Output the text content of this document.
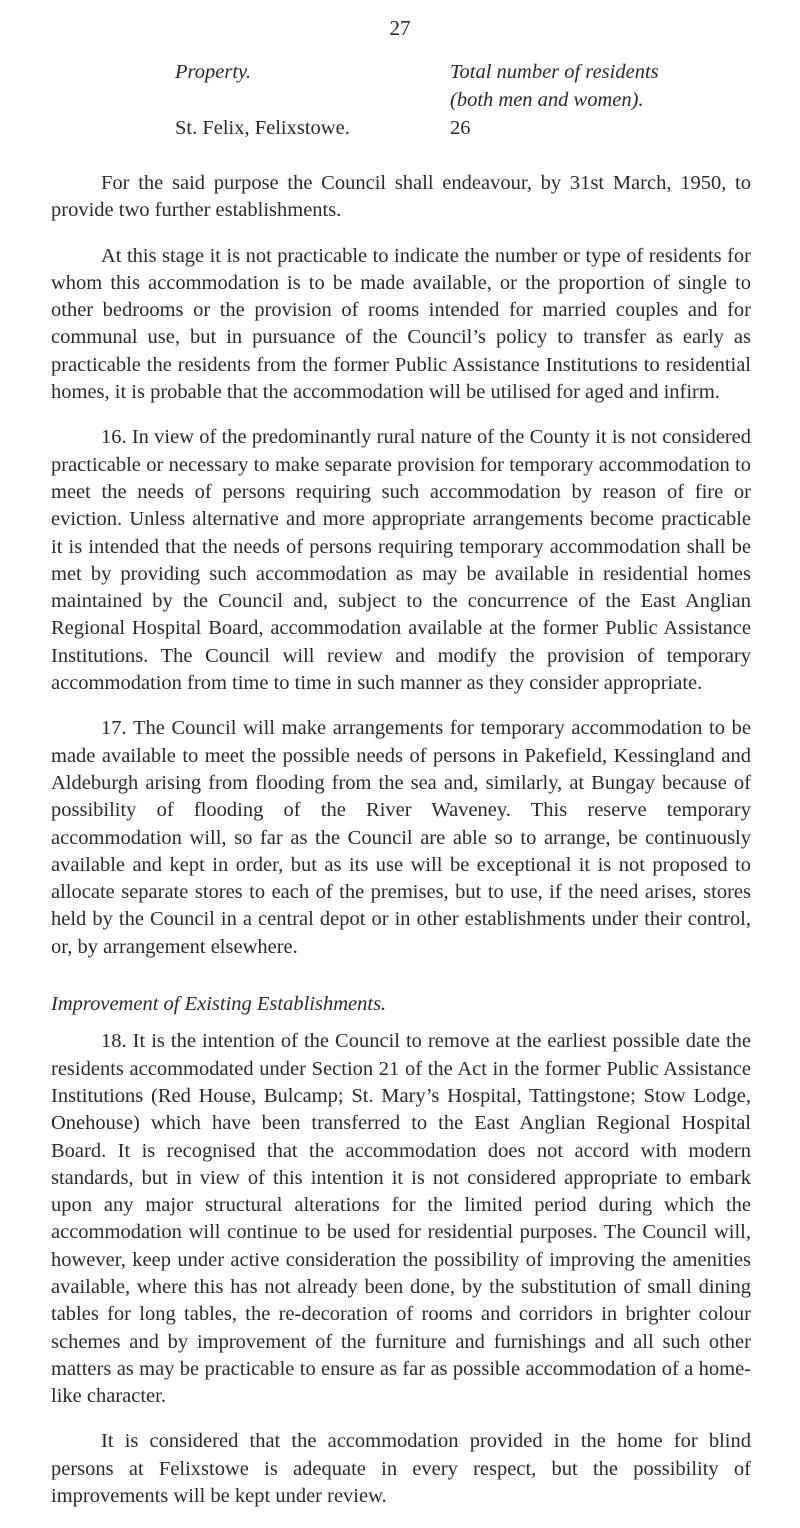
27
Property.	Total number of residents
(both men and women).
St. Felix, Felixstowe.	26

For the said purpose the Council shall endeavour, by 31st March, 1950, to provide two further establishments.

At this stage it is not practicable to indicate the number or type of residents for whom this accommodation is to be made available, or the proportion of single to other bedrooms or the provision of rooms intended for married couples and for communal use, but in pursuance of the Council’s policy to transfer as early as practicable the residents from the former Public Assistance Institutions to residential homes, it is probable that the accommodation will be utilised for aged and infirm.

16. In view of the predominantly rural nature of the County it is not considered practicable or necessary to make separate provision for temporary accommodation to meet the needs of persons requiring such accommodation by reason of fire or eviction. Unless alternative and more appropriate arrangements become practicable it is intended that the needs of persons requiring temporary accommodation shall be met by providing such accommodation as may be available in residential homes maintained by the Council and, subject to the concurrence of the East Anglian Regional Hospital Board, accommodation available at the former Public Assistance Institutions. The Council will review and modify the provision of temporary accommodation from time to time in such manner as they consider appropriate.

17. The Council will make arrangements for temporary accommodation to be made available to meet the possible needs of persons in Pakefield, Kessingland and Aldeburgh arising from flooding from the sea and, similarly, at Bungay because of possibility of flooding of the River Waveney. This reserve temporary accommodation will, so far as the Council are able so to arrange, be continuously available and kept in order, but as its use will be exceptional it is not proposed to allocate separate stores to each of the premises, but to use, if the need arises, stores held by the Council in a central depot or in other establishments under their control, or, by arrangement elsewhere.

Improvement of Existing Establishments.

18. It is the intention of the Council to remove at the earliest possible date the residents accommodated under Section 21 of the Act in the former Public Assistance Institutions (Red House, Bulcamp; St. Mary’s Hospital, Tattingstone; Stow Lodge, Onehouse) which have been transferred to the East Anglian Regional Hospital Board. It is recognised that the accommodation does not accord with modern standards, but in view of this intention it is not considered appropriate to embark upon any major structural alterations for the limited period during which the accommodation will continue to be used for residential purposes. The Council will, however, keep under active consideration the possibility of improving the amenities available, where this has not already been done, by the substitution of small dining tables for long tables, the re-decoration of rooms and corridors in brighter colour schemes and by improvement of the furniture and furnishings and all such other matters as may be practicable to ensure as far as possible accommodation of a home-like character.

It is considered that the accommodation provided in the home for blind persons at Felixstowe is adequate in every respect, but the possibility of improvements will be kept under review.
